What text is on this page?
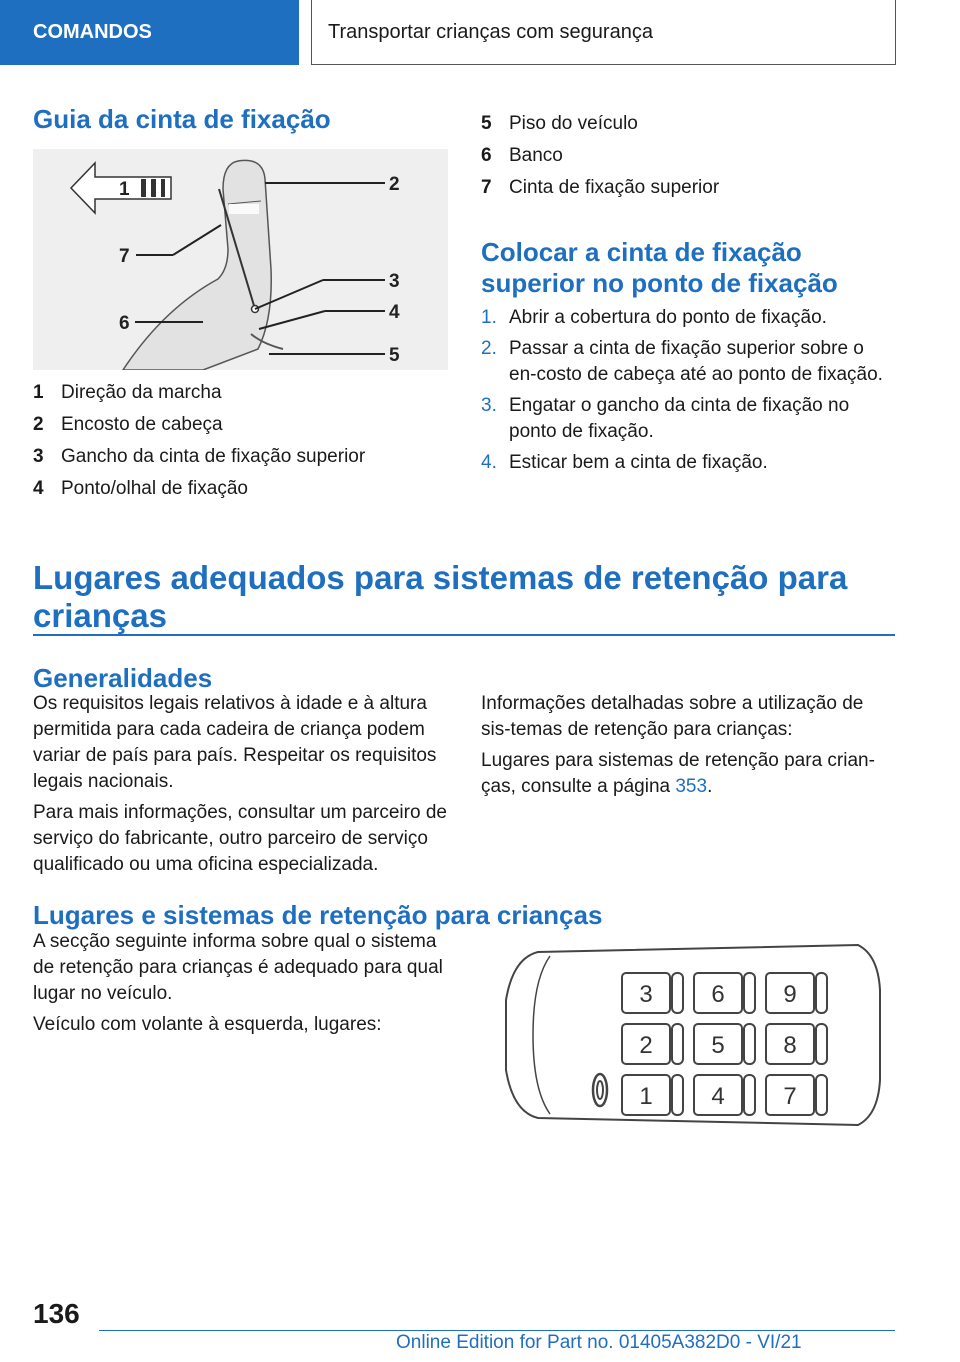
COMANDOS	Transportar crianças com segurança
Guia da cinta de fixação
1	2
3
4
5
6
7
1 Direção da marcha
2 Encosto de cabeça
3 Gancho da cinta de fixação superior
4 Ponto/olhal de fixação
5 Piso do veículo
6 Banco
7 Cinta de fixação superior
Colocar a cinta de fixação
superior no ponto de fixação
1. Abrir a cobertura do ponto de fixação.
2. Passar a cinta de fixação superior sobre o en-costo de cabeça até ao ponto de fixação.
3. Engatar o gancho da cinta de fixação no ponto de fixação.
4. Esticar bem a cinta de fixação.
Lugares adequados para sistemas de retenção para
crianças
Generalidades

Os requisitos legais relativos à idade e à altura permitida para cada cadeira de criança podem variar de país para país. Respeitar os requisitos legais nacionais.

Para mais informações, consultar um parceiro de serviço do fabricante, outro parceiro de serviço qualificado ou uma oficina especializada.

Informações detalhadas sobre a utilização de sis-temas de retenção para crianças:

Lugares para sistemas de retenção para crian-ças, consulte a página 353.

Lugares e sistemas de retenção para crianças

A secção seguinte informa sobre qual o sistema de retenção para crianças é adequado para qual lugar no veículo.

Veículo com volante à esquerda, lugares:

3 6 9
2 5 8
1 4 7
136
Online Edition for Part no. 01405A382D0 - VI/21
